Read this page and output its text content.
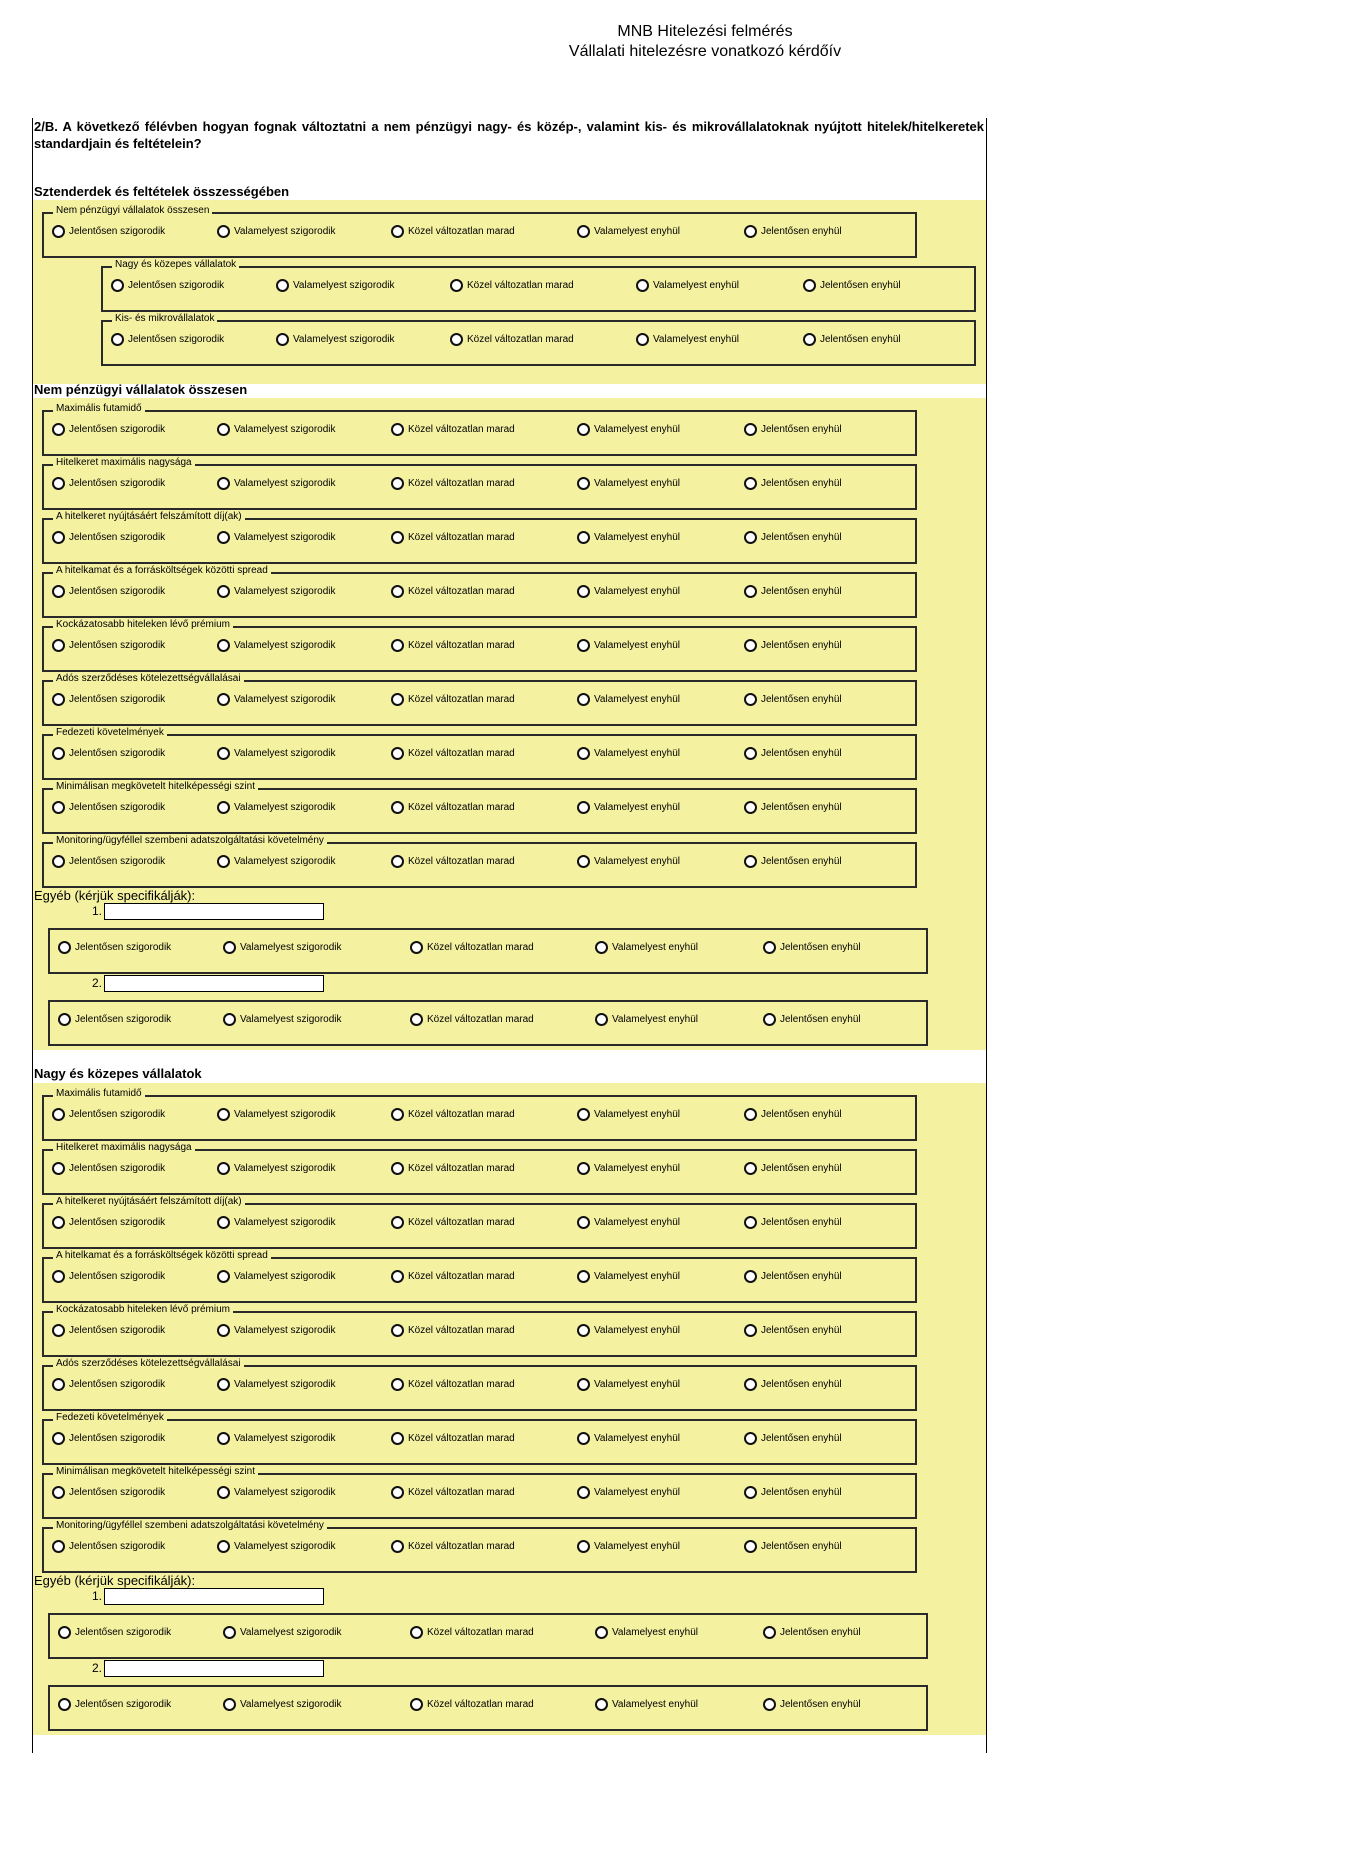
MNB Hitelezési felmérés
Vállalati hitelezésre vonatkozó kérdőív
2/B. A következő félévben hogyan fognak változtatni a nem pénzügyi nagy- és közép-, valamint kis- és mikrovállalatoknak nyújtott hitelek/hitelkeretek standardjain és feltételein?
Sztenderdek és feltételek összességében
Nem pénzügyi vállalatok összesen
Jelentősen szigorodik	Valamelyest szigorodik	Közel változatlan marad	Valamelyest enyhül	Jelentősen enyhül
Nagy és közepes vállalatok
Jelentősen szigorodik	Valamelyest szigorodik	Közel változatlan marad	Valamelyest enyhül	Jelentősen enyhül
Kis- és mikrovállalatok
Jelentősen szigorodik	Valamelyest szigorodik	Közel változatlan marad	Valamelyest enyhül	Jelentősen enyhül
Nem pénzügyi vállalatok összesen
Maximális futamidő
Jelentősen szigorodik	Valamelyest szigorodik	Közel változatlan marad	Valamelyest enyhül	Jelentősen enyhül
Hitelkeret maximális nagysága
Jelentősen szigorodik	Valamelyest szigorodik	Közel változatlan marad	Valamelyest enyhül	Jelentősen enyhül
A hitelkeret nyújtásáért felszámított díj(ak)
Jelentősen szigorodik	Valamelyest szigorodik	Közel változatlan marad	Valamelyest enyhül	Jelentősen enyhül
A hitelkamat és a forrásköltségek közötti spread
Jelentősen szigorodik	Valamelyest szigorodik	Közel változatlan marad	Valamelyest enyhül	Jelentősen enyhül
Kockázatosabb hiteleken lévő prémium
Jelentősen szigorodik	Valamelyest szigorodik	Közel változatlan marad	Valamelyest enyhül	Jelentősen enyhül
Adós szerződéses kötelezettségvállalásai
Jelentősen szigorodik	Valamelyest szigorodik	Közel változatlan marad	Valamelyest enyhül	Jelentősen enyhül
Fedezeti követelmények
Jelentősen szigorodik	Valamelyest szigorodik	Közel változatlan marad	Valamelyest enyhül	Jelentősen enyhül
Minimálisan megkövetelt hitelképességi szint
Jelentősen szigorodik	Valamelyest szigorodik	Közel változatlan marad	Valamelyest enyhül	Jelentősen enyhül
Monitoring/ügyféllel szembeni adatszolgáltatási követelmény
Jelentősen szigorodik	Valamelyest szigorodik	Közel változatlan marad	Valamelyest enyhül	Jelentősen enyhül
Egyéb (kérjük specifikálják):
1.
Jelentősen szigorodik	Valamelyest szigorodik	Közel változatlan marad	Valamelyest enyhül	Jelentősen enyhül
2.
Jelentősen szigorodik	Valamelyest szigorodik	Közel változatlan marad	Valamelyest enyhül	Jelentősen enyhül
Nagy és közepes vállalatok
Maximális futamidő
Jelentősen szigorodik	Valamelyest szigorodik	Közel változatlan marad	Valamelyest enyhül	Jelentősen enyhül
Hitelkeret maximális nagysága
Jelentősen szigorodik	Valamelyest szigorodik	Közel változatlan marad	Valamelyest enyhül	Jelentősen enyhül
A hitelkeret nyújtásáért felszámított díj(ak)
Jelentősen szigorodik	Valamelyest szigorodik	Közel változatlan marad	Valamelyest enyhül	Jelentősen enyhül
A hitelkamat és a forrásköltségek közötti spread
Jelentősen szigorodik	Valamelyest szigorodik	Közel változatlan marad	Valamelyest enyhül	Jelentősen enyhül
Kockázatosabb hiteleken lévő prémium
Jelentősen szigorodik	Valamelyest szigorodik	Közel változatlan marad	Valamelyest enyhül	Jelentősen enyhül
Adós szerződéses kötelezettségvállalásai
Jelentősen szigorodik	Valamelyest szigorodik	Közel változatlan marad	Valamelyest enyhül	Jelentősen enyhül
Fedezeti követelmények
Jelentősen szigorodik	Valamelyest szigorodik	Közel változatlan marad	Valamelyest enyhül	Jelentősen enyhül
Minimálisan megkövetelt hitelképességi szint
Jelentősen szigorodik	Valamelyest szigorodik	Közel változatlan marad	Valamelyest enyhül	Jelentősen enyhül
Monitoring/ügyféllel szembeni adatszolgáltatási követelmény
Jelentősen szigorodik	Valamelyest szigorodik	Közel változatlan marad	Valamelyest enyhül	Jelentősen enyhül
Egyéb (kérjük specifikálják):
1.
Jelentősen szigorodik	Valamelyest szigorodik	Közel változatlan marad	Valamelyest enyhül	Jelentősen enyhül
2.
Jelentősen szigorodik	Valamelyest szigorodik	Közel változatlan marad	Valamelyest enyhül	Jelentősen enyhül
